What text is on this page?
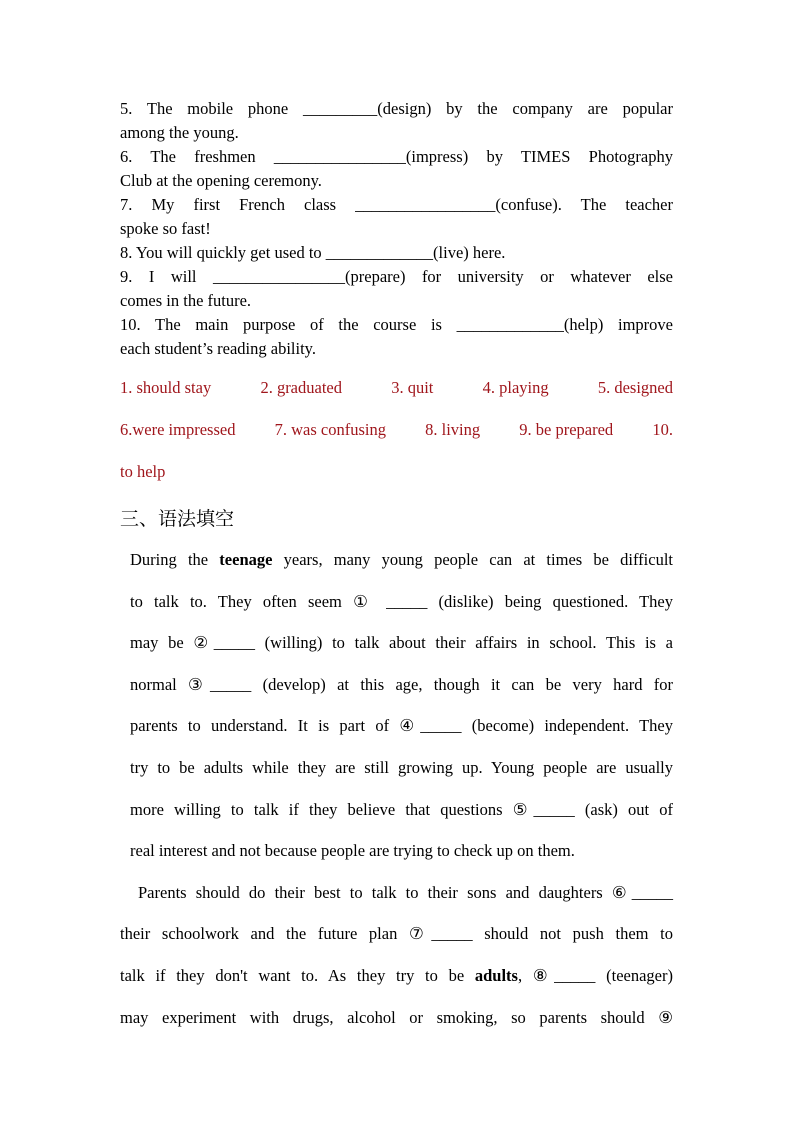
5. The mobile phone _________(design) by the company are popular
among the young.
6. The freshmen ________________(impress) by TIMES Photography
Club at the opening ceremony.
7. My first French class _________________(confuse). The teacher
spoke so fast!
8. You will quickly get used to _____________(live) here.
9. I will ________________(prepare) for university or whatever else
comes in the future.
10. The main purpose of the course is _____________(help) improve
each student’s reading ability.
1. should stay	2. graduated	3. quit	4. playing	5. designed
6.were impressed 7. was confusing 8. living 9. be prepared 10.
to help
三、语法填空

During the teenage years, many young people can at times be difficult
to talk to. They often seem ① _____ (dislike) being questioned. They
may be ②_____ (willing) to talk about their affairs in school. This is a
normal ③_____ (develop) at this age, though it can be very hard for
parents to understand. It is part of ④_____ (become) independent. They
try to be adults while they are still growing up. Young people are usually
more willing to talk if they believe that questions ⑤_____ (ask) out of
real interest and not because people are trying to check up on them.

Parents should do their best to talk to their sons and daughters ⑥_____
their schoolwork and the future plan ⑦_____ should not push them to
talk if they don't want to. As they try to be adults, ⑧_____ (teenager)
may experiment with drugs, alcohol or smoking, so parents should ⑨
